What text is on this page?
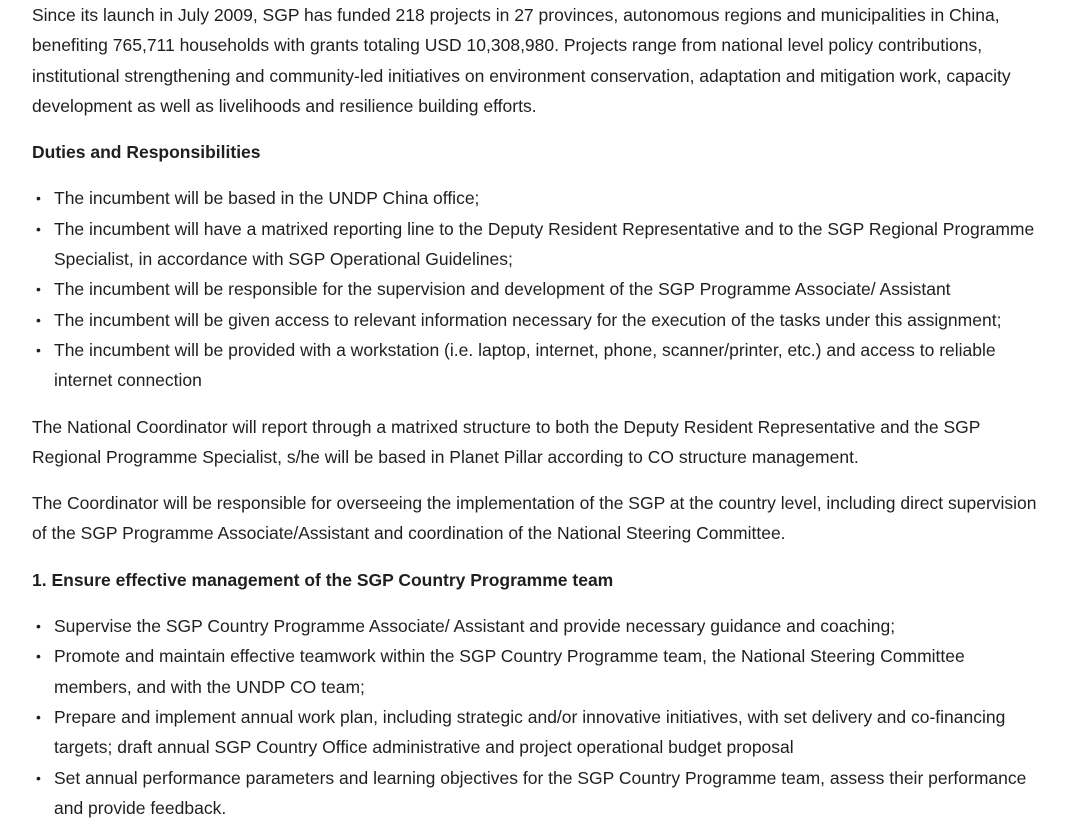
Since its launch in July 2009, SGP has funded 218 projects in 27 provinces, autonomous regions and municipalities in China, benefiting 765,711 households with grants totaling USD 10,308,980. Projects range from national level policy contributions, institutional strengthening and community-led initiatives on environment conservation, adaptation and mitigation work, capacity development as well as livelihoods and resilience building efforts.

Duties and Responsibilities

• The incumbent will be based in the UNDP China office;
• The incumbent will have a matrixed reporting line to the Deputy Resident Representative and to the SGP Regional Programme Specialist, in accordance with SGP Operational Guidelines;
• The incumbent will be responsible for the supervision and development of the SGP Programme Associate/ Assistant
• The incumbent will be given access to relevant information necessary for the execution of the tasks under this assignment;
• The incumbent will be provided with a workstation (i.e. laptop, internet, phone, scanner/printer, etc.) and access to reliable internet connection

The National Coordinator will report through a matrixed structure to both the Deputy Resident Representative and the SGP Regional Programme Specialist, s/he will be based in Planet Pillar according to CO structure management.

The Coordinator will be responsible for overseeing the implementation of the SGP at the country level, including direct supervision of the SGP Programme Associate/Assistant and coordination of the National Steering Committee.

1. Ensure effective management of the SGP Country Programme team

• Supervise the SGP Country Programme Associate/ Assistant and provide necessary guidance and coaching;
• Promote and maintain effective teamwork within the SGP Country Programme team, the National Steering Committee members, and with the UNDP CO team;
• Prepare and implement annual work plan, including strategic and/or innovative initiatives, with set delivery and co-financing targets; draft annual SGP Country Office administrative and project operational budget proposal
• Set annual performance parameters and learning objectives for the SGP Country Programme team, assess their performance and provide feedback.
